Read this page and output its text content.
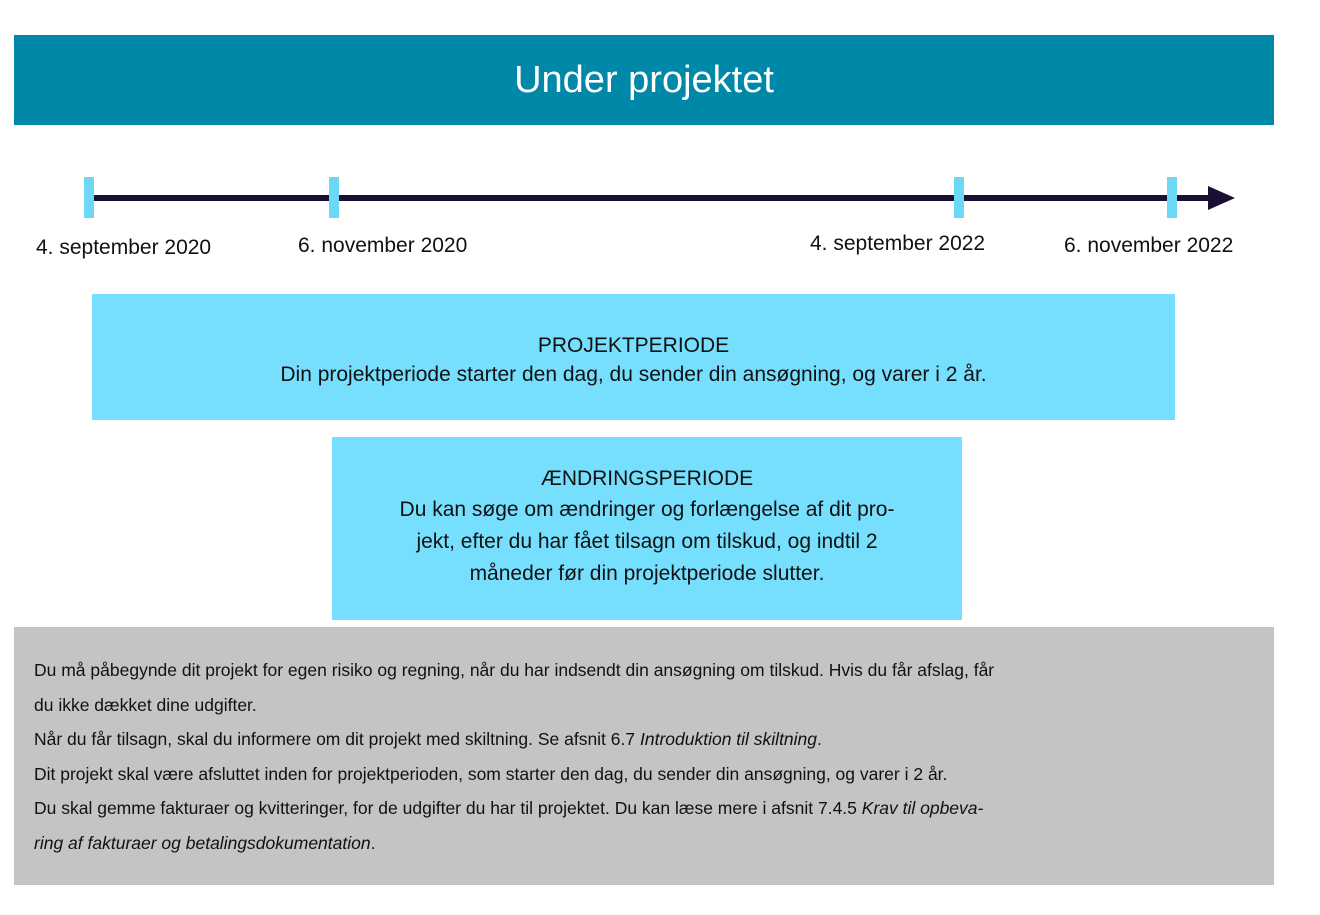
Under projektet
4. september 2020	6. november 2020	4. september 2022	6. november 2022
PROJEKTPERIODE
Din projektperiode starter den dag, du sender din ansøgning, og varer i 2 år.
ÆNDRINGSPERIODE
Du kan søge om ændringer og forlængelse af dit pro-
jekt, efter du har fået tilsagn om tilskud, og indtil 2
måneder før din projektperiode slutter.

Du må påbegynde dit projekt for egen risiko og regning, når du har indsendt din ansøgning om tilskud. Hvis du får afslag, får

du ikke dækket dine udgifter.

Når du får tilsagn, skal du informere om dit projekt med skiltning. Se afsnit 6.7 Introduktion til skiltning.

Dit projekt skal være afsluttet inden for projektperioden, som starter den dag, du sender din ansøgning, og varer i 2 år.

Du skal gemme fakturaer og kvitteringer, for de udgifter du har til projektet. Du kan læse mere i afsnit 7.4.5 Krav til opbeva-

ring af fakturaer og betalingsdokumentation.
